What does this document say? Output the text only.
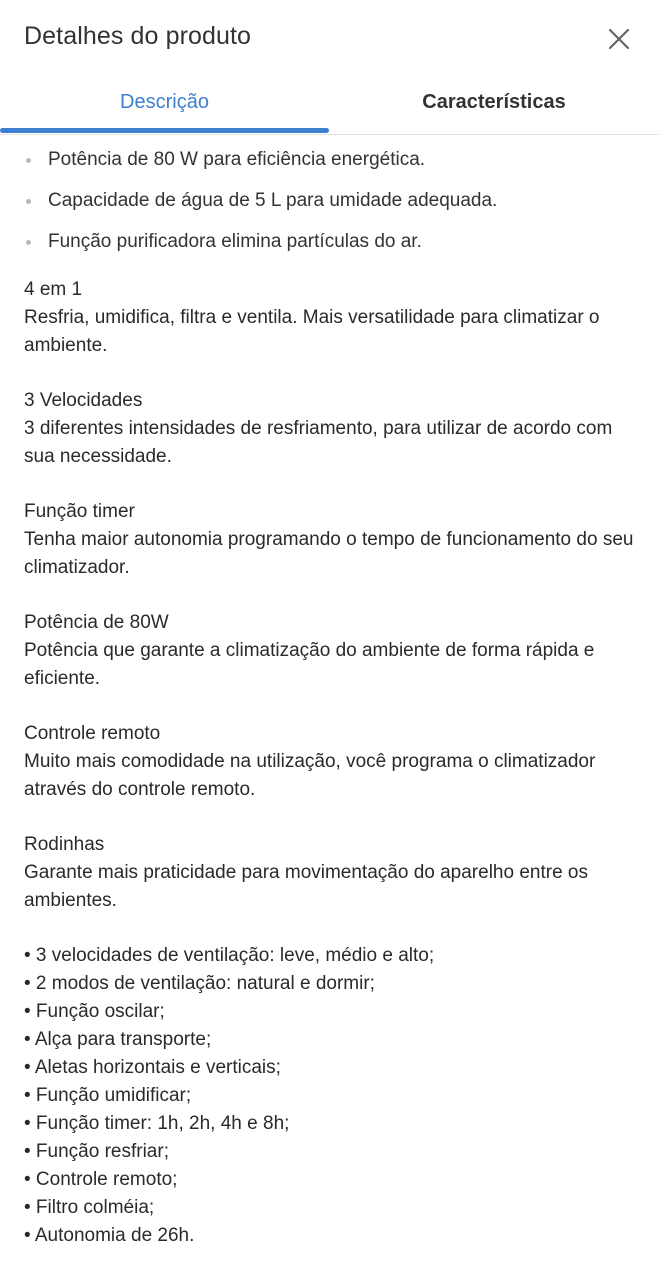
Detalhes do produto
Descrição	Características
Potência de 80 W para eficiência energética.
Capacidade de água de 5 L para umidade adequada.
Função purificadora elimina partículas do ar.

4 em 1

Resfria, umidifica, filtra e ventila. Mais versatilidade para climatizar o ambiente.

3 Velocidades

3 diferentes intensidades de resfriamento, para utilizar de acordo com sua necessidade.

Função timer

Tenha maior autonomia programando o tempo de funcionamento do seu climatizador.

Potência de 80W

Potência que garante a climatização do ambiente de forma rápida e eficiente.

Controle remoto

Muito mais comodidade na utilização, você programa o climatizador através do controle remoto.

Rodinhas

Garante mais praticidade para movimentação do aparelho entre os ambientes.

• 3 velocidades de ventilação: leve, médio e alto;
• 2 modos de ventilação: natural e dormir;
• Função oscilar;
• Alça para transporte;
• Aletas horizontais e verticais;
• Função umidificar;
• Função timer: 1h, 2h, 4h e 8h;
• Função resfriar;
• Controle remoto;
• Filtro colméia;
• Autonomia de 26h.
